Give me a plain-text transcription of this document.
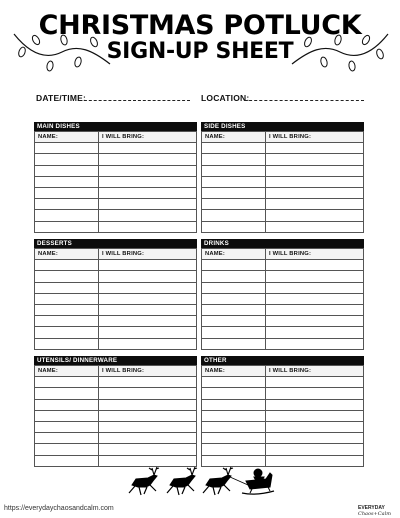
CHRISTMAS POTLUCK
SIGN-UP SHEET
DATE/TIME:	LOCATION:
MAIN DISHES
NAME:	I WILL BRING:

SIDE DISHES
NAME:	I WILL BRING:

DESSERTS
NAME:	I WILL BRING:

DRINKS
NAME:	I WILL BRING:

UTENSILS/ DINNERWARE
NAME:	I WILL BRING:

OTHER
NAME:	I WILL BRING:

https://everydaychaosandcalm.com	EVERYDAY Chaos+Calm
